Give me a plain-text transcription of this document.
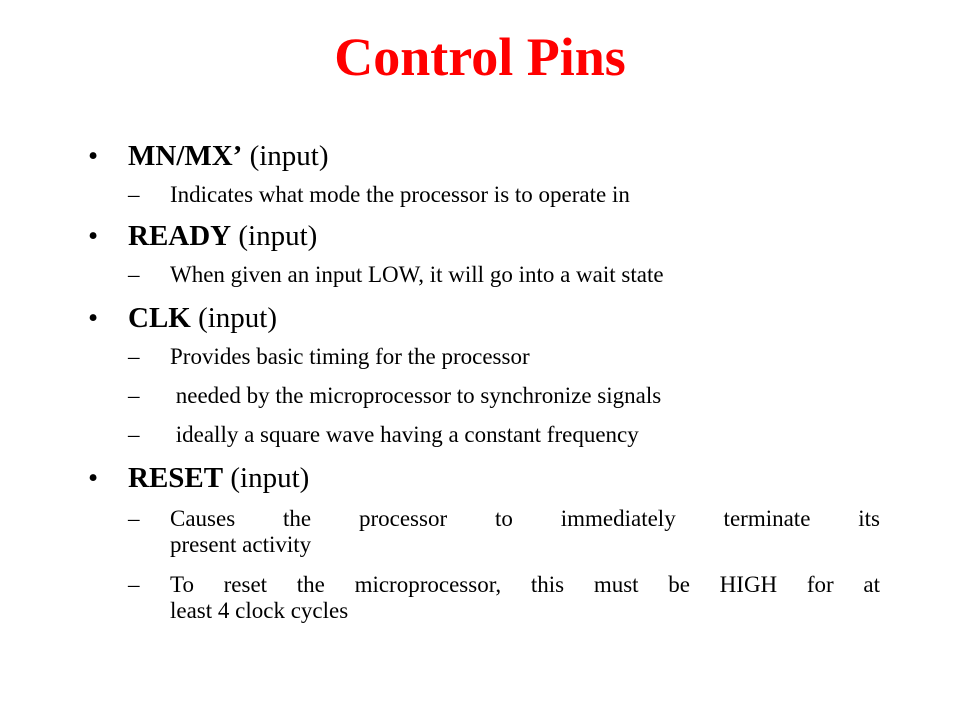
Control Pins
• MN/MX’ (input)
– Indicates what mode the processor is to operate in
• READY (input)
– When given an input LOW, it will go into a wait state
• CLK (input)
– Provides basic timing for the processor
– needed by the microprocessor to synchronize signals
– ideally a square wave having a constant frequency
• RESET (input)
– Causes the processor to immediately terminate its
present activity
– To reset the microprocessor, this must be HIGH for at
least 4 clock cycles
